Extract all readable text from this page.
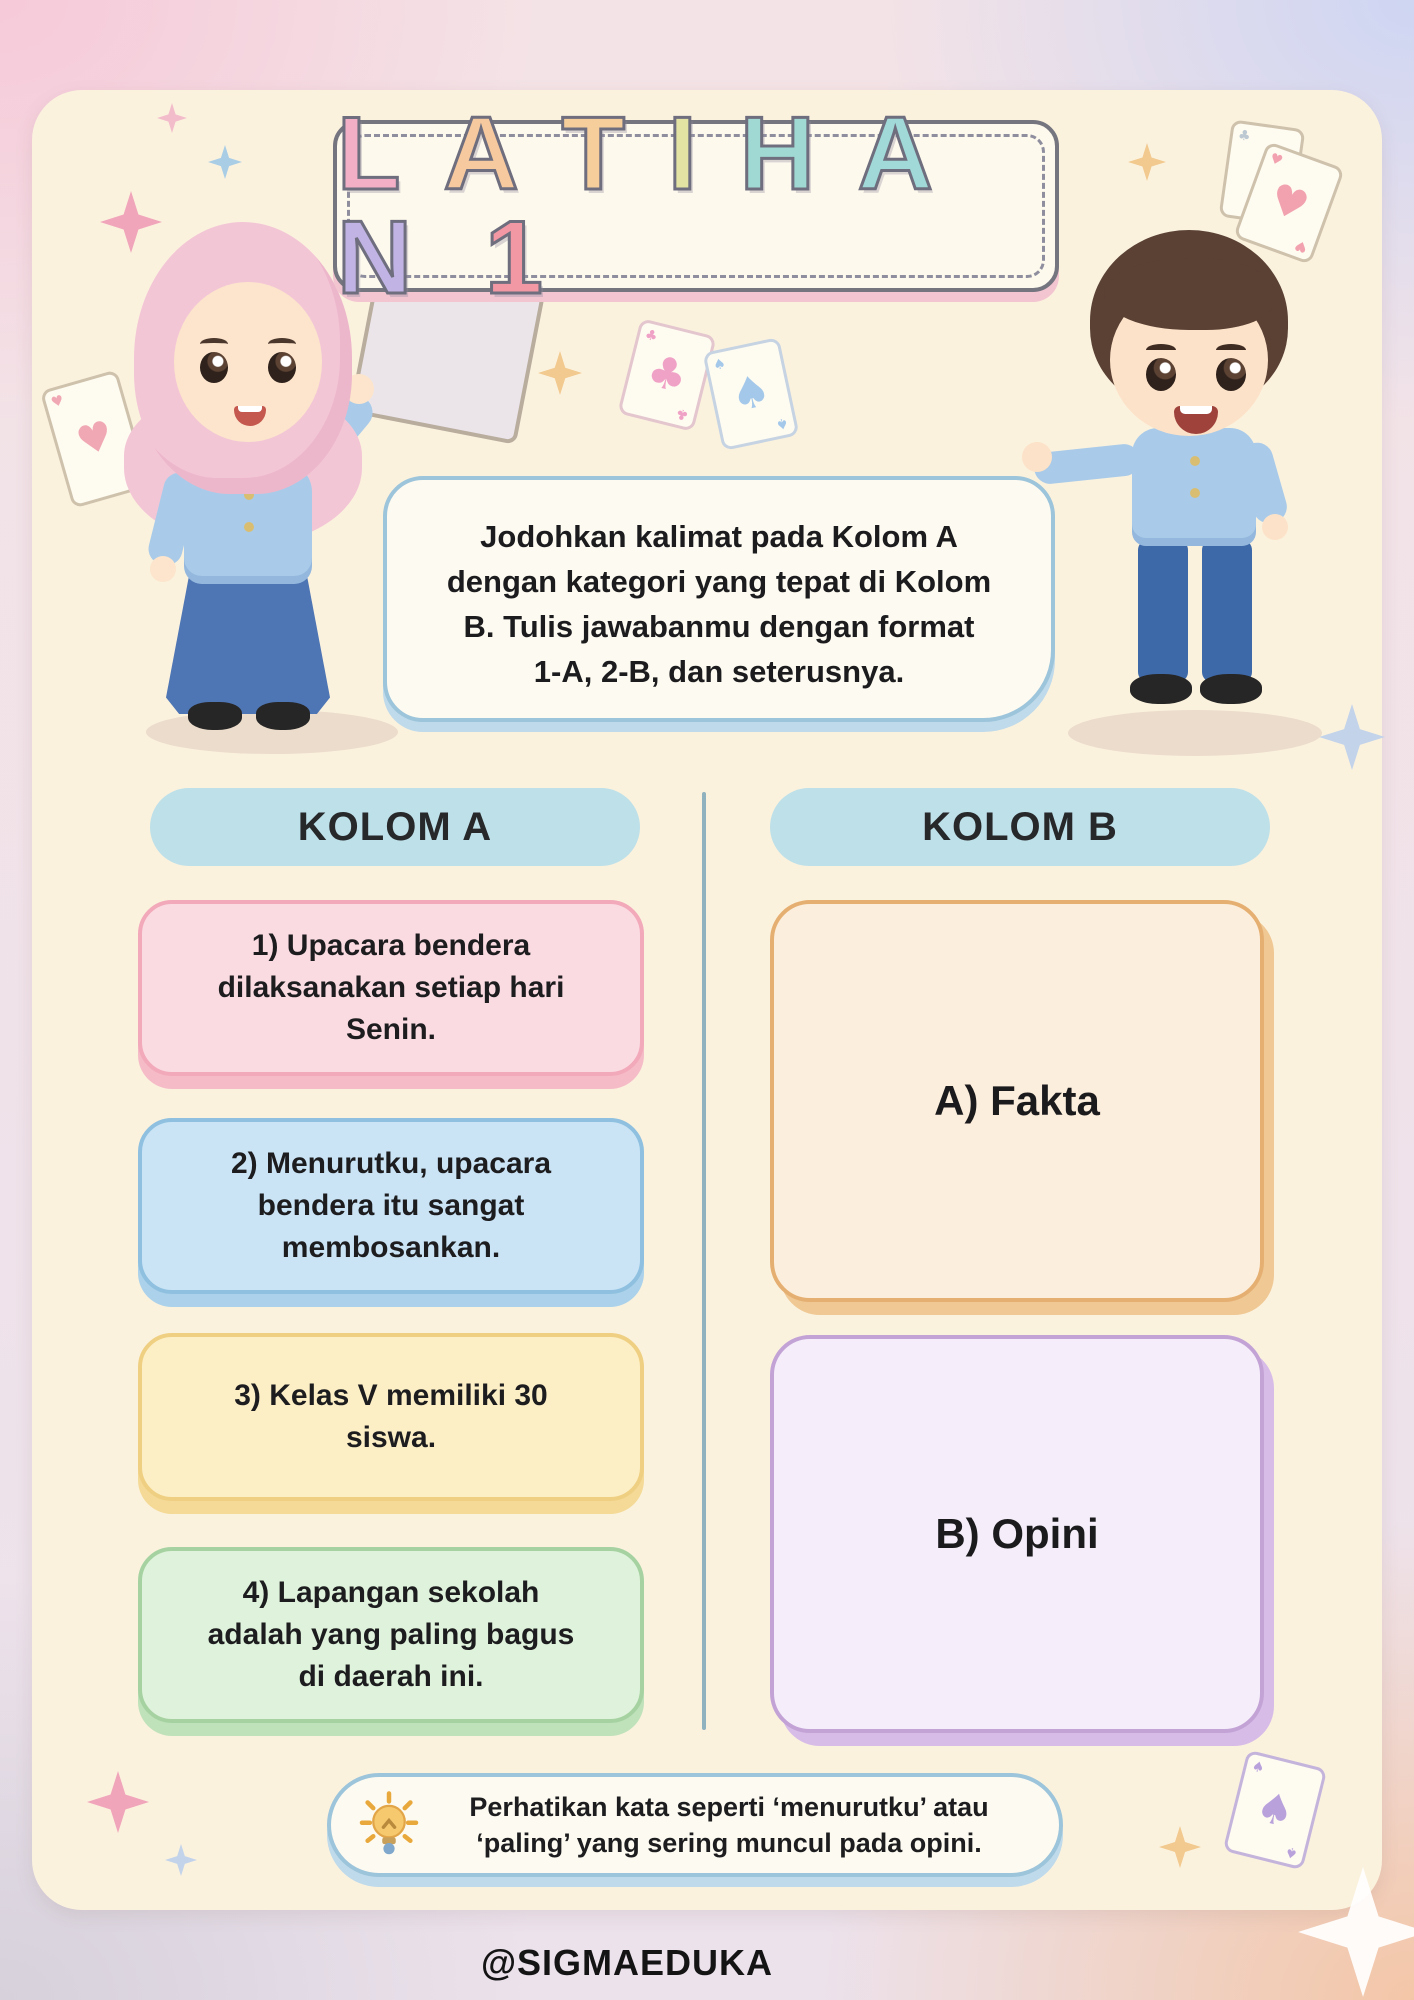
♥
♥
♣
♣
♣
♠
♠
♠
♣
♥
♥
♥
♠
♠
♠
L A T I H A N 1
Jodohkan kalimat pada Kolom A
dengan kategori yang tepat di Kolom
B. Tulis jawabanmu dengan format
1-A, 2-B, dan seterusnya.
KOLOM A	KOLOM B
1) Upacara bendera
dilaksanakan setiap hari
Senin.
2) Menurutku, upacara
bendera itu sangat
membosankan.
3) Kelas V memiliki 30
siswa.
4) Lapangan sekolah
adalah yang paling bagus
di daerah ini.
A) Fakta
B) Opini
Perhatikan kata seperti ‘menurutku’ atau
‘paling’ yang sering muncul pada opini.
@SIGMAEDUKA
